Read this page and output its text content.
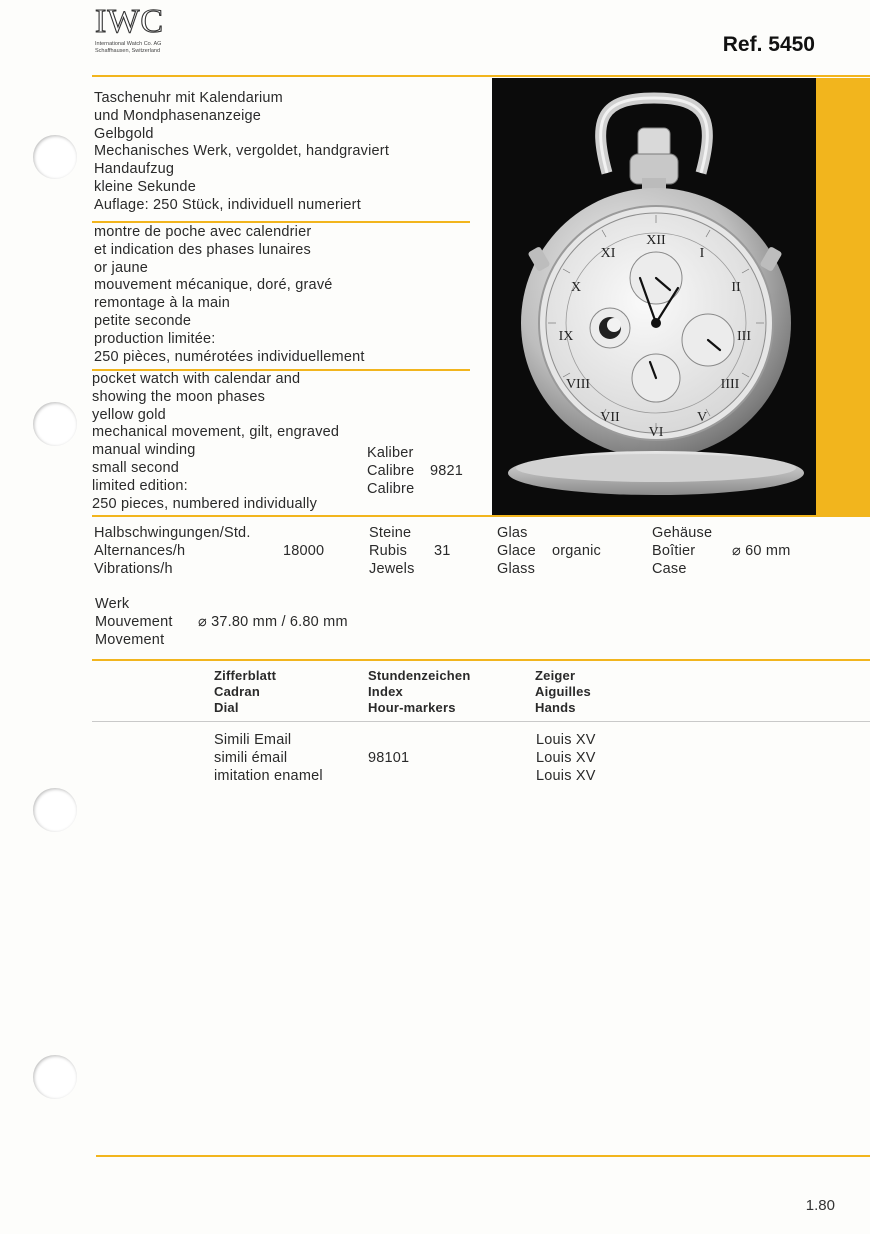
IWC
International Watch Co. AG
Schaffhausen, Switzerland	Ref. 5450
XII
I
II
III
IIII
V
VI
VII
VIII
IX
X
XI
Taschenuhr mit Kalendarium
und Mondphasenanzeige
Gelbgold
Mechanisches Werk, vergoldet, handgraviert
Handaufzug
kleine Sekunde
Auflage: 250 Stück, individuell numeriert
montre de poche avec calendrier
et indication des phases lunaires
or jaune
mouvement mécanique, doré, gravé
remontage à la main
petite seconde
production limitée:
250 pièces, numérotées individuellement
pocket watch with calendar and
showing the moon phases
yellow gold
mechanical movement, gilt, engraved
manual winding
small second
limited edition:
250 pieces, numbered individually
Kaliber
Calibre
Calibre
9821
Halbschwingungen/Std.
Alternances/h
Vibrations/h
18000
Steine
Rubis
Jewels
31
Glas
Glace
Glass
organic
Gehäuse
Boîtier
Case
⌀ 60 mm
Werk
Mouvement
Movement
⌀ 37.80 mm / 6.80 mm
Zifferblatt
Cadran
Dial
Stundenzeichen
Index
Hour-markers
Zeiger
Aiguilles
Hands
Simili Email
simili émail
imitation enamel
98101
Louis XV
Louis XV
Louis XV
1.80
